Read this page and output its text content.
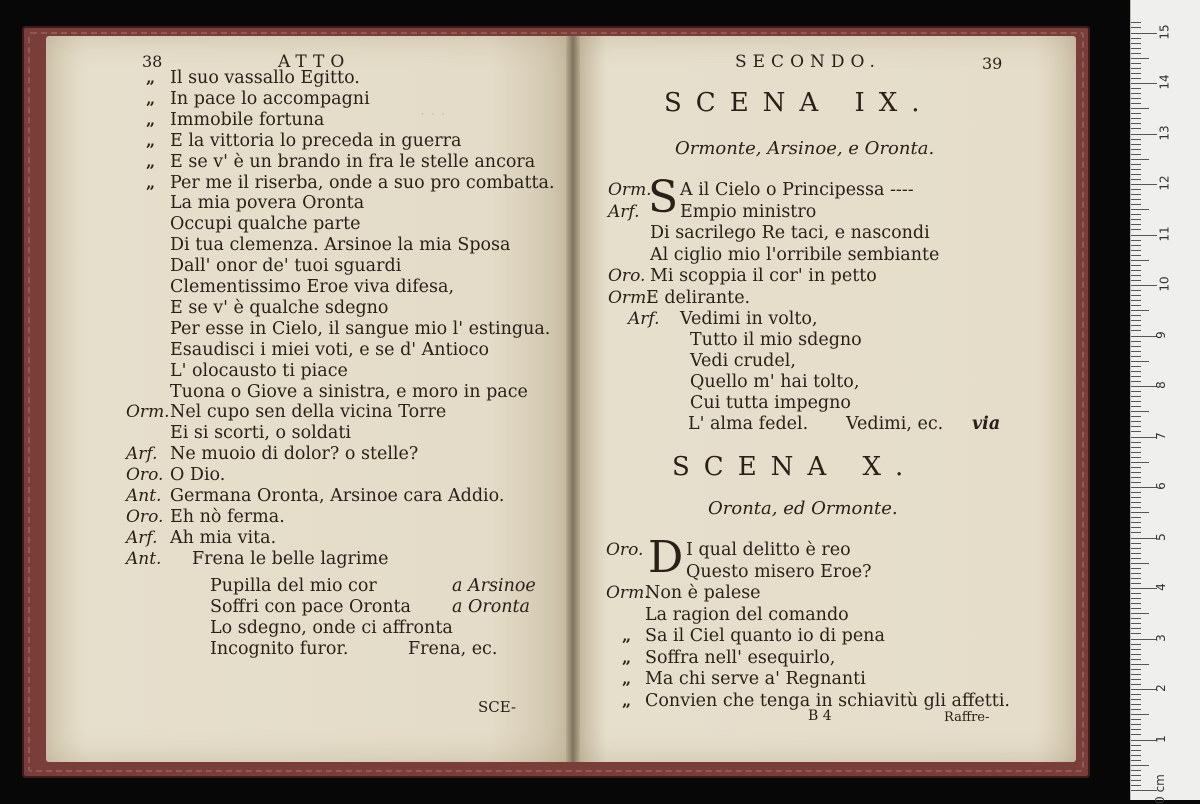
. . .
38	ATTO
„ Il suo vassallo Egitto.
„ In pace lo accompagni
„ Immobile fortuna
„ E la vittoria lo preceda in guerra
„ E se v' è un brando in fra le stelle ancora
„ Per me il riserba, onde a suo pro combatta.
La mia povera Oronta
Occupi qualche parte
Di tua clemenza. Arsinoe la mia Sposa
Dall' onor de' tuoi sguardi
Clementissimo Eroe viva difesa,
E se v' è qualche sdegno
Per esse in Cielo, il sangue mio l' estingua.
Esaudisci i miei voti, e se d' Antioco
L' olocausto ti piace
Tuona o Giove a sinistra, e moro in pace
Orm. Nel cupo sen della vicina Torre
Ei si scorti, o soldati
Arf. Ne muoio di dolor? o stelle?
Oro. O Dio.
Ant. Germana Oronta, Arsinoe cara Addio.
Oro. Eh nò ferma.
Arf. Ah mia vita.
Ant. Frena le belle lagrime
Pupilla del mio cor	a Arsinoe
Soffri con pace Oronta a Oronta
Lo sdegno, onde ci affronta
Incognito furor.	Frena, ec.
SCE-
SECONDO.	39
SCENA IX.
Ormonte, Arsinoe, e Oronta.
Orm.
S A il Cielo o Principessa ----
Arf. Empio ministro
Di sacrilego Re taci, e nascondi
Al ciglio mio l'orribile sembiante
Oro. Mi scoppia il cor' in petto
Orm.
E delirante.
Arf. Vedimi in volto,
Tutto il mio sdegno
Vedi crudel,
Quello m' hai tolto,
Cui tutta impegno
L' alma fedel. Vedimi, ec. via
SCENA X.
Oronta, ed Ormonte.
Oro. D I qual delitto è reo
Questo misero Eroe?
Orm.
Non è palese
La ragion del comando
„ Sa il Ciel quanto io di pena
„ Soffra nell' esequirlo,
„ Ma chi serve a' Regnanti
„ Convien che tenga in schiavitù gli affetti.
B 4	Raffre-
15
14
13
12
11
10
9
8
7
6
5
4
3
2
1
0 cm
